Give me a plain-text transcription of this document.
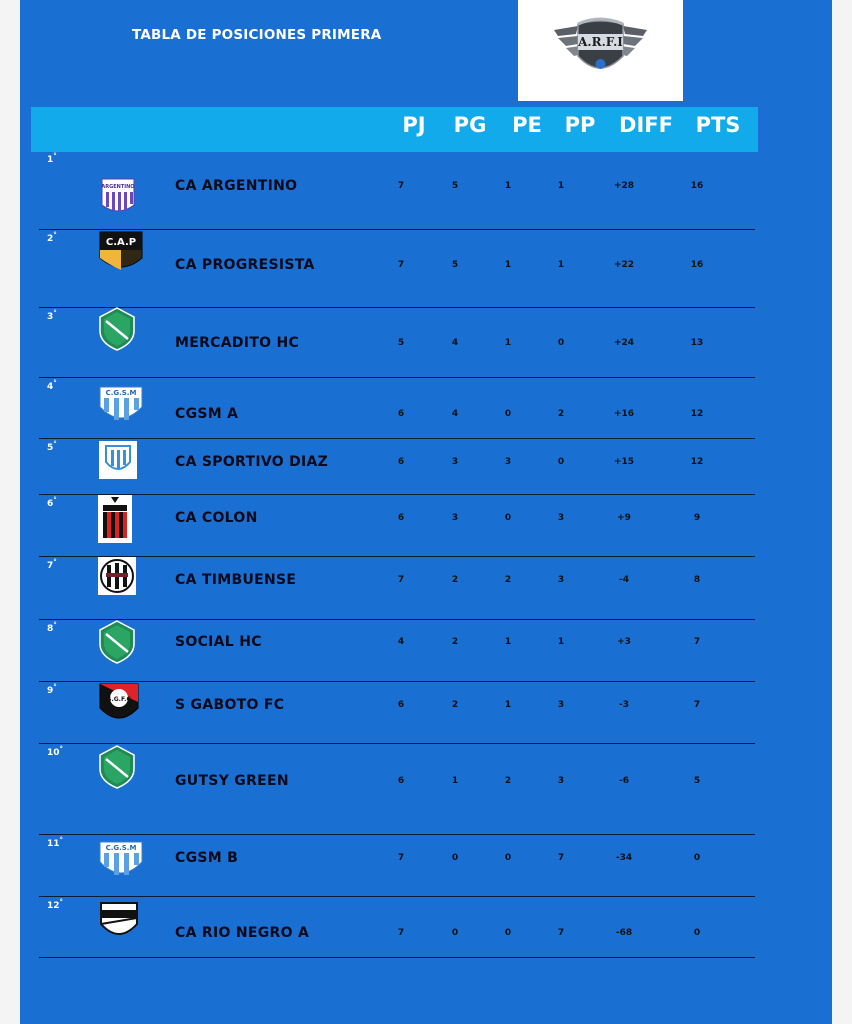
TABLA DE POSICIONES PRIMERA	A.R.F.I
PJ	PG	PE	PP	DIFF	PTS
1°
ARGENTINO	CA ARGENTINO	7	5	1	1	+28	16
2°
C.A.P
CA PROGRESISTA	7	5	1	1	+22	16
3°
MERCADITO HC	5	4	1	0	+24	13
4°
C.G.S.M
CGSM A	6	4	0	2	+16	12
5°
CA SPORTIVO DIAZ	6	3	3	0	+15	12
6°
CA COLON	6	3	0	3	+9	9
7°
CA TIMBUENSE	7	2	2	3	-4	8
8°
SOCIAL HC	4	2	1	1	+3	7
9°
S.G.F.C	S GABOTO FC	6	2	1	3	-3	7
10°
GUTSY GREEN	6	1	2	3	-6	5
11°
C.G.S.M
CGSM B	7	0	0	7	-34	0
12°
CA RIO NEGRO A	7	0	0	7	-68	0
